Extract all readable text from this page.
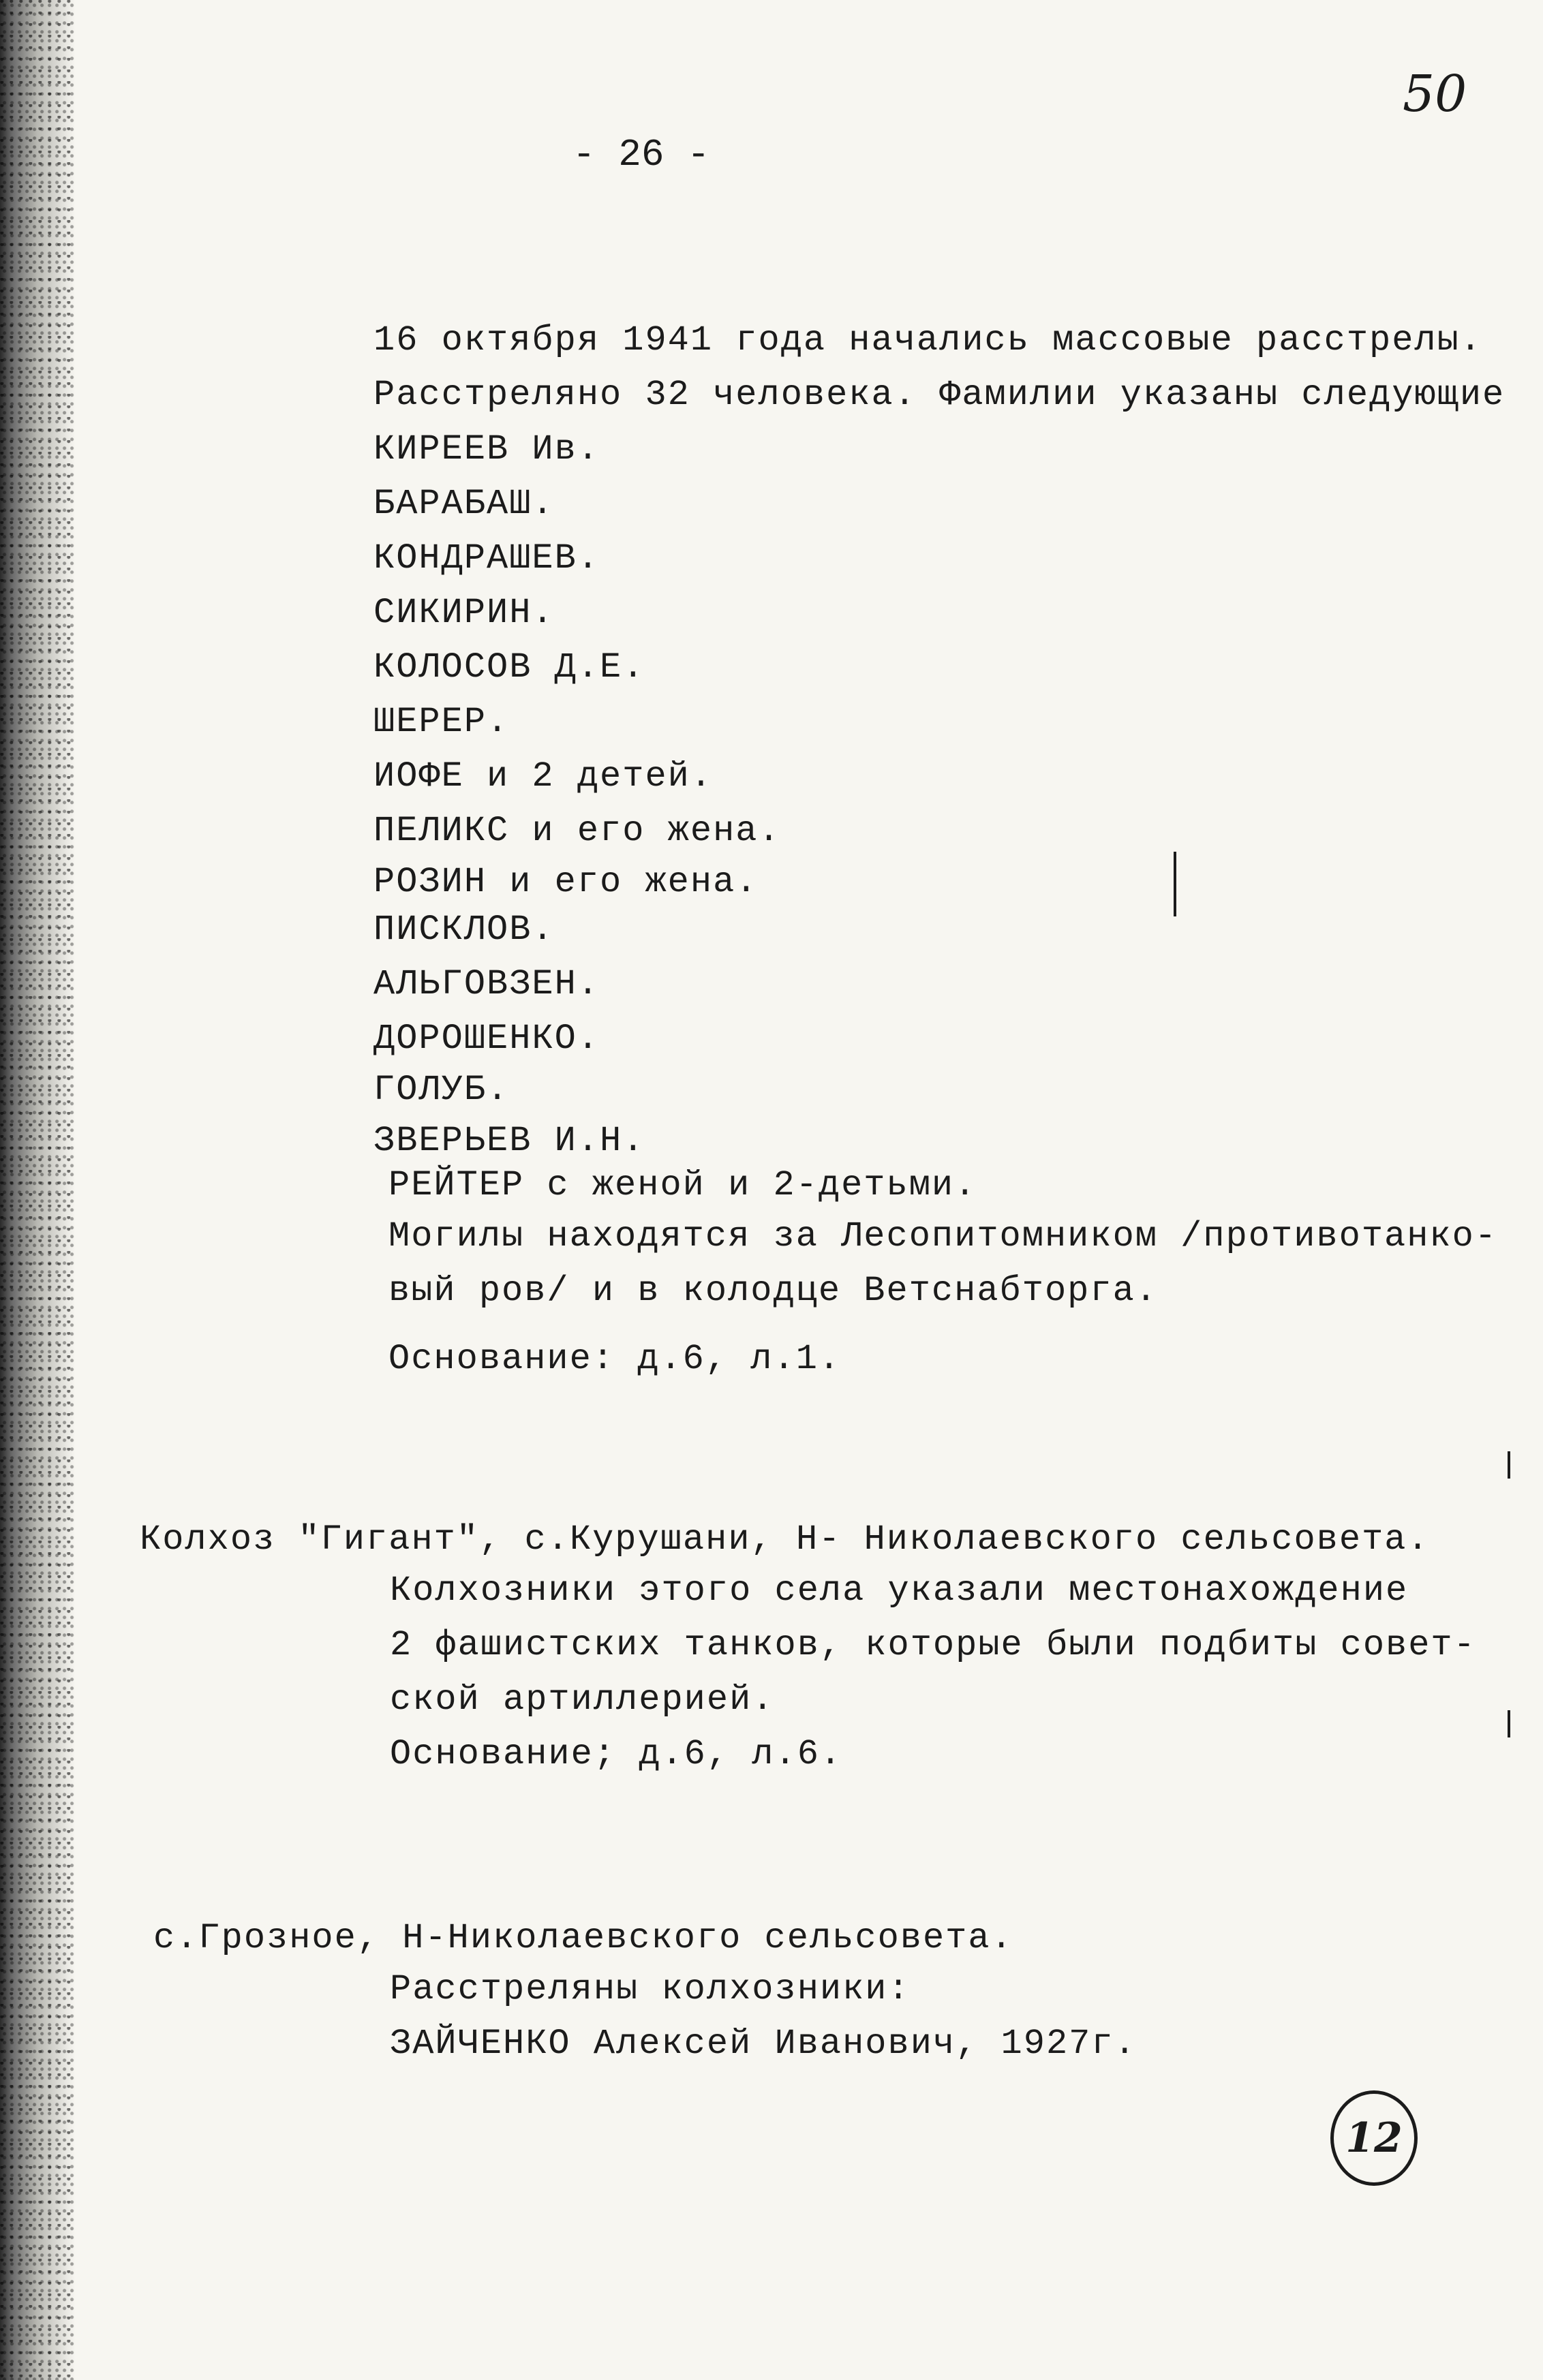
50
- 26 -
16 октября 1941 года начались массовые расстрелы.
Расстреляно 32 человека. Фамилии указаны следующие
КИРЕЕВ Ив.
БАРАБАШ.
КОНДРАШЕВ.
СИКИРИН.
КОЛОСОВ Д.Е.
ШЕРЕР.
ИОФЕ и 2 детей.
ПЕЛИКС и его жена.
РОЗИН и его жена.
ПИСКЛОВ.
АЛЬГОВЗЕН.
ДОРОШЕНКО.
ГОЛУБ.
ЗВЕРЬЕВ И.Н.
РЕЙТЕР с женой и 2-детьми.
Могилы находятся за Лесопитомником /противотанко-
вый ров/ и в колодце Ветснабторга.
Основание: д.6, л.1.
Колхоз "Гигант", с.Курушани, Н- Николаевского сельсовета.
Колхозники этого села указали местонахождение
2 фашистских танков, которые были подбиты совет-
ской артиллерией.
Основание; д.6, л.6.
с.Грозное, Н-Николаевского сельсовета.
Расстреляны колхозники:
ЗАЙЧЕНКО Алексей Иванович, 1927г.
12
